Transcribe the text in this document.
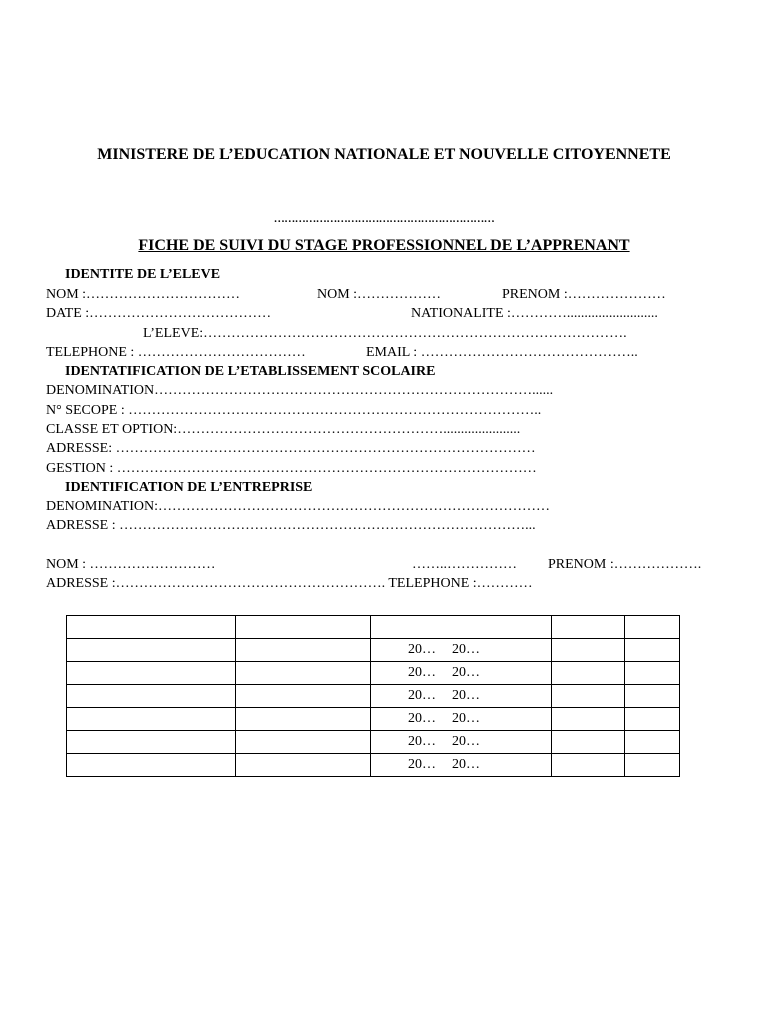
MINISTERE DE L’EDUCATION NATIONALE ET NOUVELLE CITOYENNETE
………………………………………………………
FICHE DE SUIVI DU STAGE PROFESSIONNEL DE L’APPRENANT
IDENTITE DE L’ELEVE
NOM :……………………………	NOM :………………	PRENOM :…………………
DATE :…………………………………	NATIONALITE :…………..........................
L’ELEVE:……………………………………………………………………………….
TELEPHONE : ………………………………	EMAIL : ………………………………………..
IDENTATIFICATION DE L’ETABLISSEMENT SCOLAIRE
DENOMINATION………………………………………………………………………......
N° SECOPE : ……………………………………………………………………………..
CLASSE ET OPTION:…………………………………………………......................
ADRESSE: ………………………………………………………………………………
GESTION : ………………………………………………………………………………
IDENTIFICATION DE L’ENTREPRISE
DENOMINATION:…………………………………………………………………………
ADRESSE : ……………………………………………………………………………...
NOM : ………………………	……..…………… PRENOM :……………….
ADRESSE :…………………………………………………. TELEPHONE :…………

		20… 20…		
		20… 20…		
		20… 20…		
		20… 20…		
		20… 20…		
		20… 20…		
